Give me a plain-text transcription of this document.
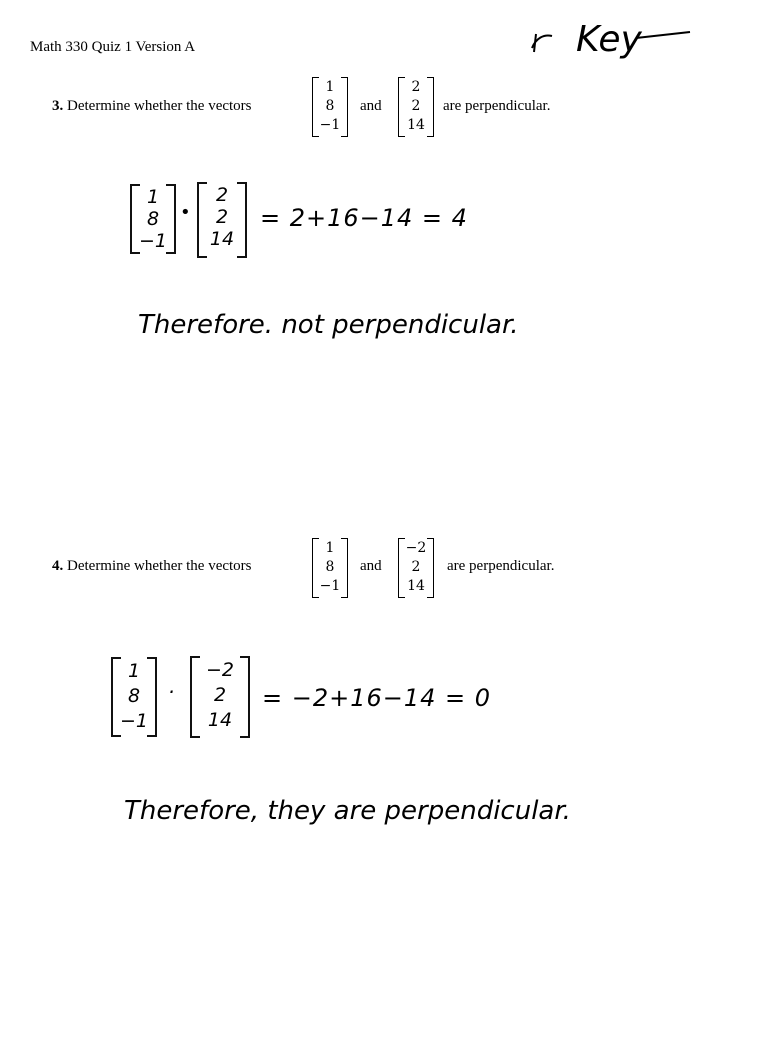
Math 330 Quiz 1 Version A	Key
3. Determine whether the vectors
1
8
−1
and
2
2
14
are perpendicular.
1
8
−1
•
2
2
14
= 2+16−14 = 4
Therefore. not perpendicular.
4. Determine whether the vectors
1
8
−1
and
−2
2
14
are perpendicular.
1
8
−1
·
−2
2
14
= −2+16−14 = 0
Therefore, they are perpendicular.
